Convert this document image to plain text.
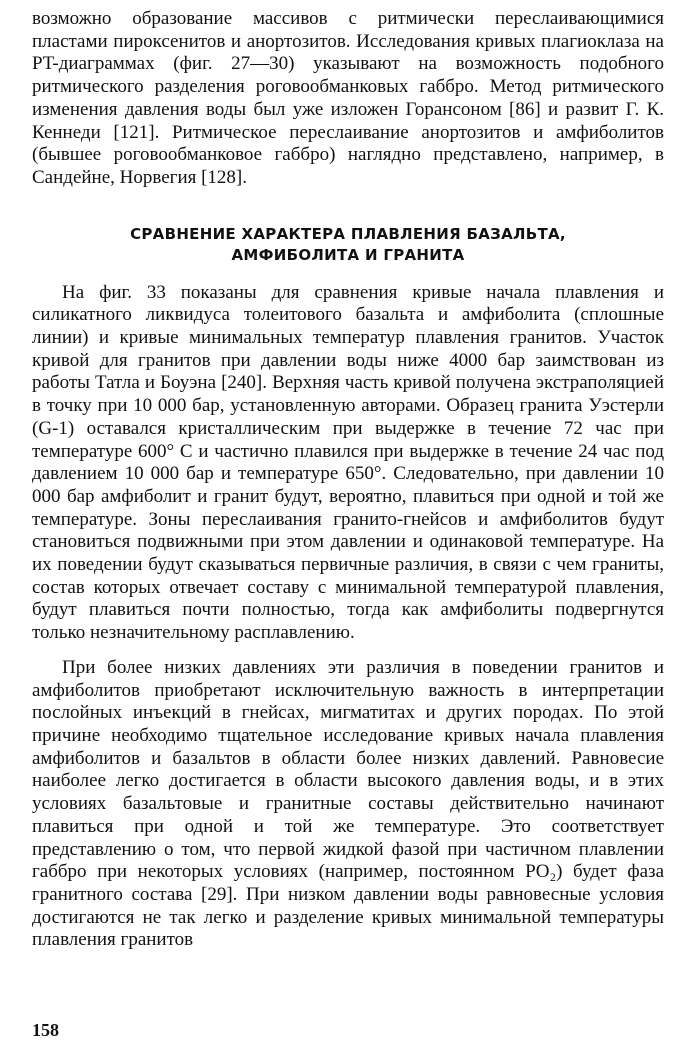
возможно образование массивов с ритмически переслаивающимися пластами пироксенитов и анортозитов. Исследования кривых плагиоклаза на PT-диаграммах (фиг. 27—30) указывают на возможность подобного ритмического разделения роговообманковых габбро. Метод ритмического изменения давления воды был уже изложен Горансоном [86] и развит Г. К. Кеннеди [121]. Ритмическое переслаивание анортозитов и амфиболитов (бывшее роговообманковое габбро) наглядно представлено, например, в Сандейне, Норвегия [128].

СРАВНЕНИЕ ХАРАКТЕРА ПЛАВЛЕНИЯ БАЗАЛЬТА,
АМФИБОЛИТА И ГРАНИТА

На фиг. 33 показаны для сравнения кривые начала плавления и силикатного ликвидуса толеитового базальта и амфиболита (сплошные линии) и кривые минимальных температур плавления гранитов. Участок кривой для гранитов при давлении воды ниже 4000 бар заимствован из работы Татла и Боуэна [240]. Верхняя часть кривой получена экстраполяцией в точку при 10 000 бар, установленную авторами. Образец гранита Уэстерли (G-1) оставался кристаллическим при выдержке в течение 72 час при температуре 600° С и частично плавился при выдержке в течение 24 час под давлением 10 000 бар и температуре 650°. Следовательно, при давлении 10 000 бар амфиболит и гранит будут, вероятно, плавиться при одной и той же температуре. Зоны переслаивания гранито-гнейсов и амфиболитов будут становиться подвижными при этом давлении и одинаковой температуре. На их поведении будут сказываться первичные различия, в связи с чем граниты, состав которых отвечает составу с минимальной температурой плавления, будут плавиться почти полностью, тогда как амфиболиты подвергнутся только незначительному расплавлению.

При более низких давлениях эти различия в поведении гранитов и амфиболитов приобретают исключительную важность в интерпретации послойных инъекций в гнейсах, мигматитах и других породах. По этой причине необходимо тщательное исследование кривых начала плавления амфиболитов и базальтов в области более низких давлений. Равновесие наиболее легко достигается в области высокого давления воды, и в этих условиях базальтовые и гранитные составы действительно начинают плавиться при одной и той же температуре. Это соответствует представлению о том, что первой жидкой фазой при частичном плавлении габбро при некоторых условиях (например, постоянном PO₂) будет фаза гранитного состава [29]. При низком давлении воды равновесные условия достигаются не так легко и разделение кривых минимальной температуры плавления гранитов

158
